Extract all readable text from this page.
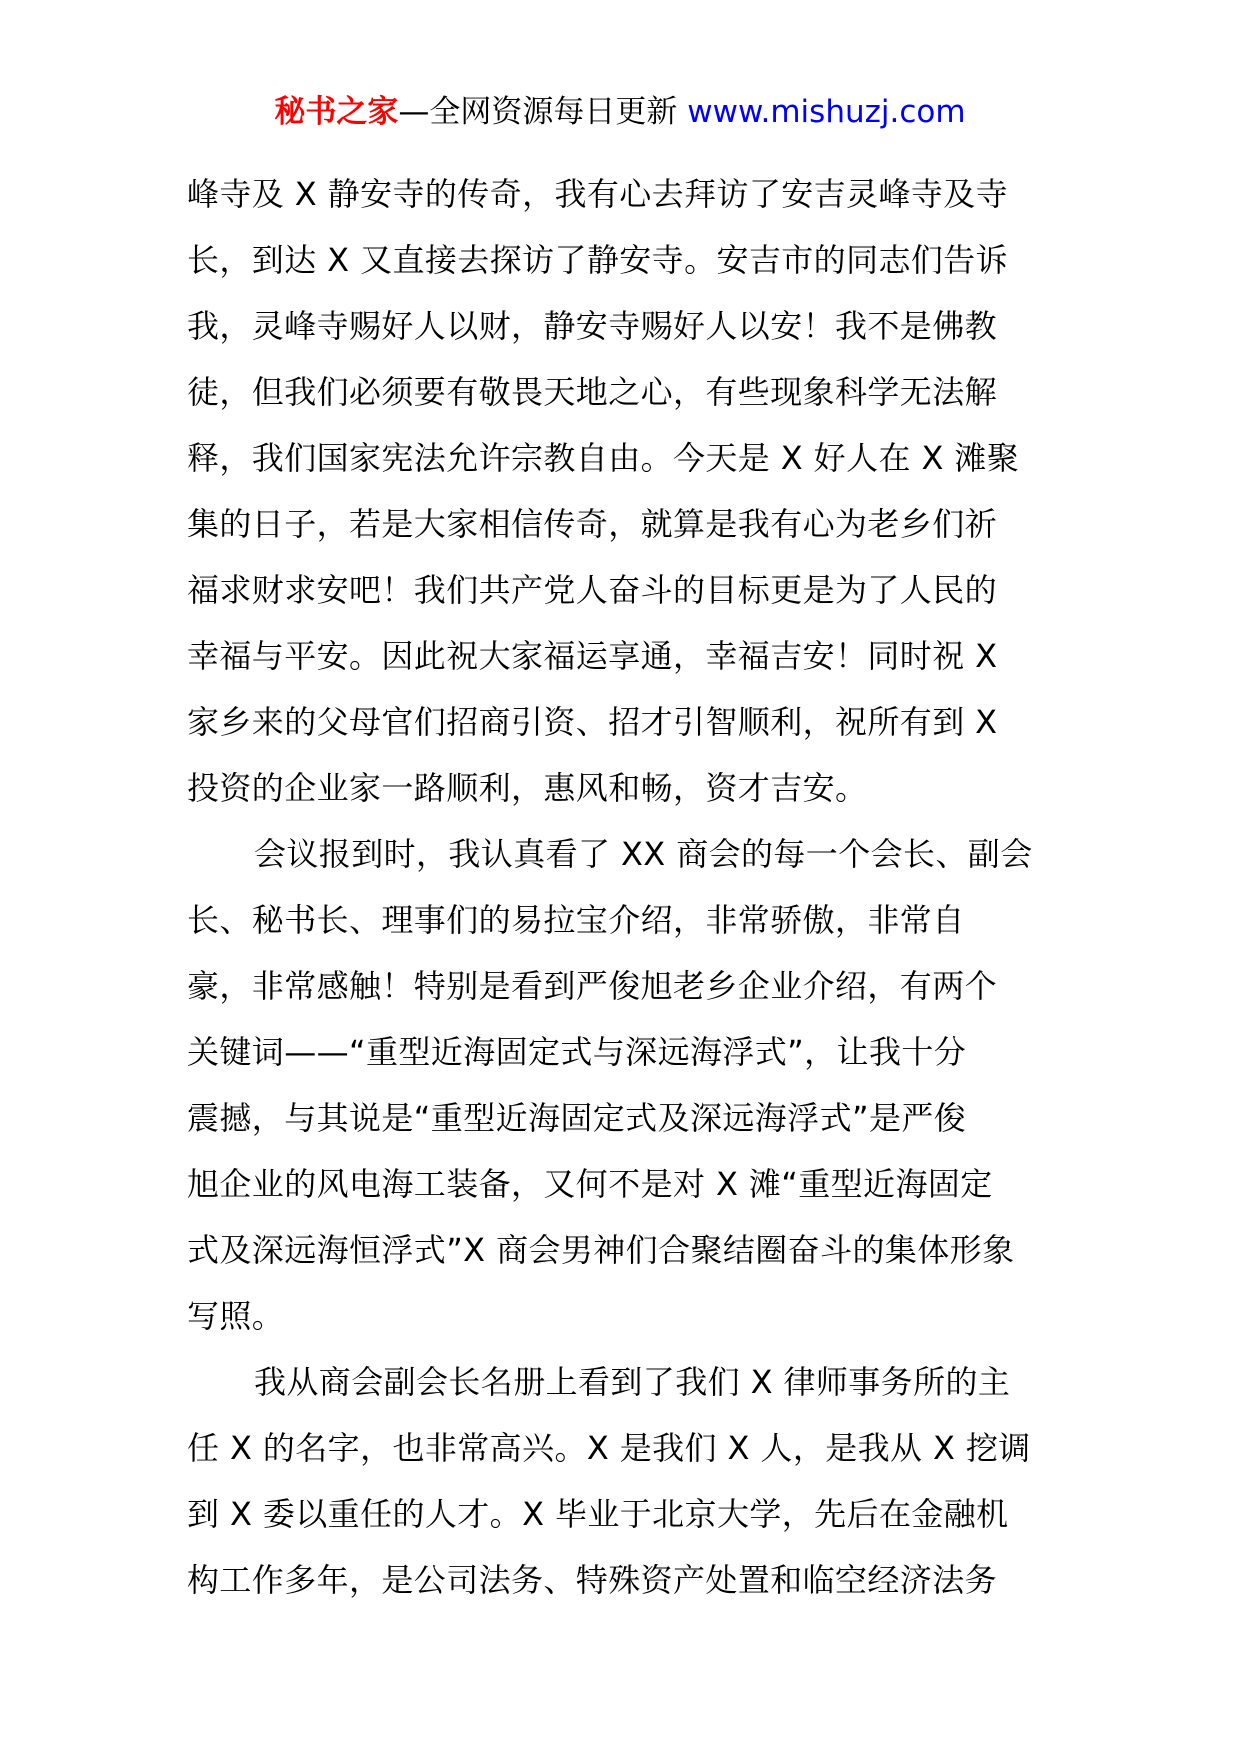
秘书之家—全网资源每日更新 www.mishuzj.com
峰寺及 X 静安寺的传奇，我有心去拜访了安吉灵峰寺及寺
长，到达 X 又直接去探访了静安寺。安吉市的同志们告诉
我，灵峰寺赐好人以财，静安寺赐好人以安！我不是佛教
徒，但我们必须要有敬畏天地之心，有些现象科学无法解
释，我们国家宪法允许宗教自由。今天是 X 好人在 X 滩聚
集的日子，若是大家相信传奇，就算是我有心为老乡们祈
福求财求安吧！我们共产党人奋斗的目标更是为了人民的
幸福与平安。因此祝大家福运享通，幸福吉安！同时祝 X
家乡来的父母官们招商引资、招才引智顺利，祝所有到 X
投资的企业家一路顺利，惠风和畅，资才吉安。
会议报到时，我认真看了 XX 商会的每一个会长、副会
长、秘书长、理事们的易拉宝介绍，非常骄傲，非常自
豪，非常感触！特别是看到严俊旭老乡企业介绍，有两个
关键词——“重型近海固定式与深远海浮式”，让我十分
震撼，与其说是“重型近海固定式及深远海浮式”是严俊
旭企业的风电海工装备，又何不是对 X 滩“重型近海固定
式及深远海恒浮式”X 商会男神们合聚结圈奋斗的集体形象
写照。
我从商会副会长名册上看到了我们 X 律师事务所的主
任 X 的名字，也非常高兴。X 是我们 X 人，是我从 X 挖调
到 X 委以重任的人才。X 毕业于北京大学，先后在金融机
构工作多年，是公司法务、特殊资产处置和临空经济法务
